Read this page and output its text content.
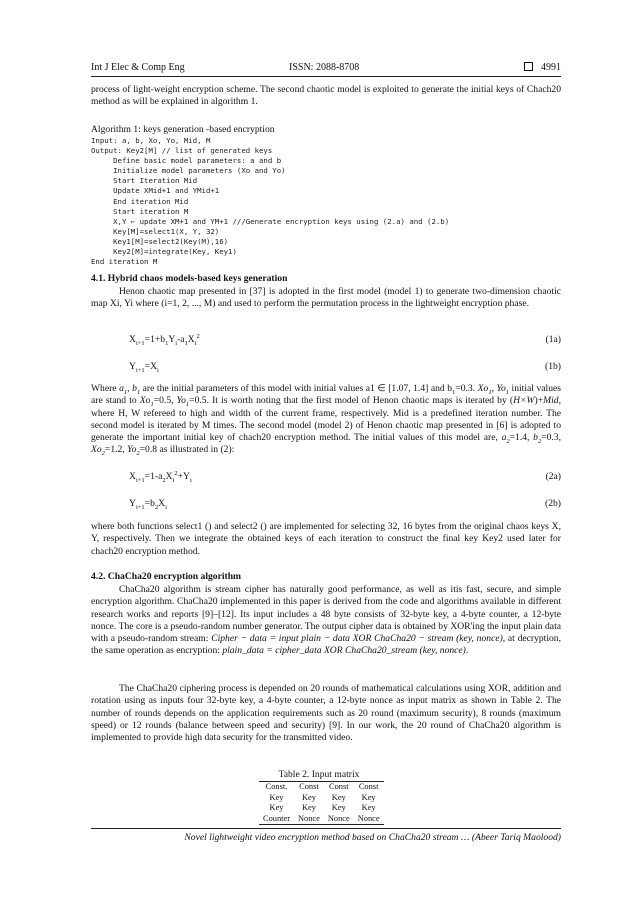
Int J Elec & Comp Eng	ISSN: 2088-8708	4991
process of light-weight encryption scheme. The second chaotic model is exploited to generate the initial keys of Chach20 method as will be explained in algorithm 1.
Algorithm 1: keys generation -based encryption
Input: a, b, Xo, Yo, Mid, M
Output: Key2[M] // list of generated keys
Define basic model parameters: a and b
Initialize model parameters (Xo and Yo)
Start Iteration Mid
Update XMid+1 and YMid+1
End iteration Mid
Start iteration M
X,Y ← update XM+1 and YM+1 ///Generate encryption keys using (2.a) and (2.b)
Key[M]=select1(X, Y, 32)
Key1[M]=select2(Key(M),16)
Key2[M]=integrate(Key, Key1)
End iteration M
4.1. Hybrid chaos models-based keys generation
Henon chaotic map presented in [37] is adopted in the first model (model 1) to generate two-dimension chaotic map Xi, Yi where (i=1, 2, ..., M) and used to perform the permutation process in the lightweight encryption phase.
$X_{i+1}=1+b_1Y_i-a_1X_i^2$	(1a)
$Y_{i+1}=X_i$	(1b)
Where $a_1$, $b_1$ are the initial parameters of this model with initial values a1 ∈ [1.07, 1.4] and $b_1=0.3$. $Xo_1$, $Yo_1$ initial values are stand to $Xo_1=0.5$, $Yo_1=0.5$. It is worth noting that the first model of Henon chaotic maps is iterated by (H×W)+Mid, where H, W refereed to high and width of the current frame, respectively. Mid is a predefined iteration number. The second model is iterated by M times. The second model (model 2) of Henon chaotic map presented in [6] is adopted to generate the important initial key of chach20 encryption method. The initial values of this model are, $a_2=1.4$, $b_2=0.3$, $Xo_2=1.2$, $Yo_2=0.8$ as illustrated in (2):
$X_{i+1}=1-a_2X_i^2+Y_i$	(2a)
$Y_{i+1}=b_2X_i$	(2b)
where both functions select1 () and select2 () are implemented for selecting 32, 16 bytes from the original chaos keys X, Y, respectively. Then we integrate the obtained keys of each iteration to construct the final key Key2 used later for chach20 encryption method.
4.2. ChaCha20 encryption algorithm
ChaCha20 algorithm is stream cipher has naturally good performance, as well as itis fast, secure, and simple encryption algorithm. ChaCha20 implemented in this paper is derived from the code and algorithms available in different research works and reports [9]–[12]. Its input includes a 48 byte consists of 32-byte key, a 4-byte counter, a 12-byte nonce. The core is a pseudo-random number generator. The output cipher data is obtained by XOR'ing the input plain data with a pseudo-random stream: Cipher − data = input plain − data XOR ChaCha20 − stream (key, nonce), at decryption, the same operation as encryption: plain_data = cipher_data XOR ChaCha20_stream (key, nonce).
The ChaCha20 ciphering process is depended on 20 rounds of mathematical calculations using XOR, addition and rotation using as inputs four 32-byte key, a 4-byte counter, a 12-byte nonce as input matrix as shown in Table 2. The number of rounds depends on the application requirements such as 20 round (maximum security), 8 rounds (maximum speed) or 12 rounds (balance between speed and security) [9]. In our work, the 20 round of ChaCha20 algorithm is implemented to provide high data security for the transmitted video.
Table 2. Input matrix
Const.	Const	Const	Const
Key	Key	Key	Key
Key	Key	Key	Key
Counter	Nonce	Nonce	Nonce
Novel lightweight video encryption method based on ChaCha20 stream … (Abeer Tariq Maolood)
